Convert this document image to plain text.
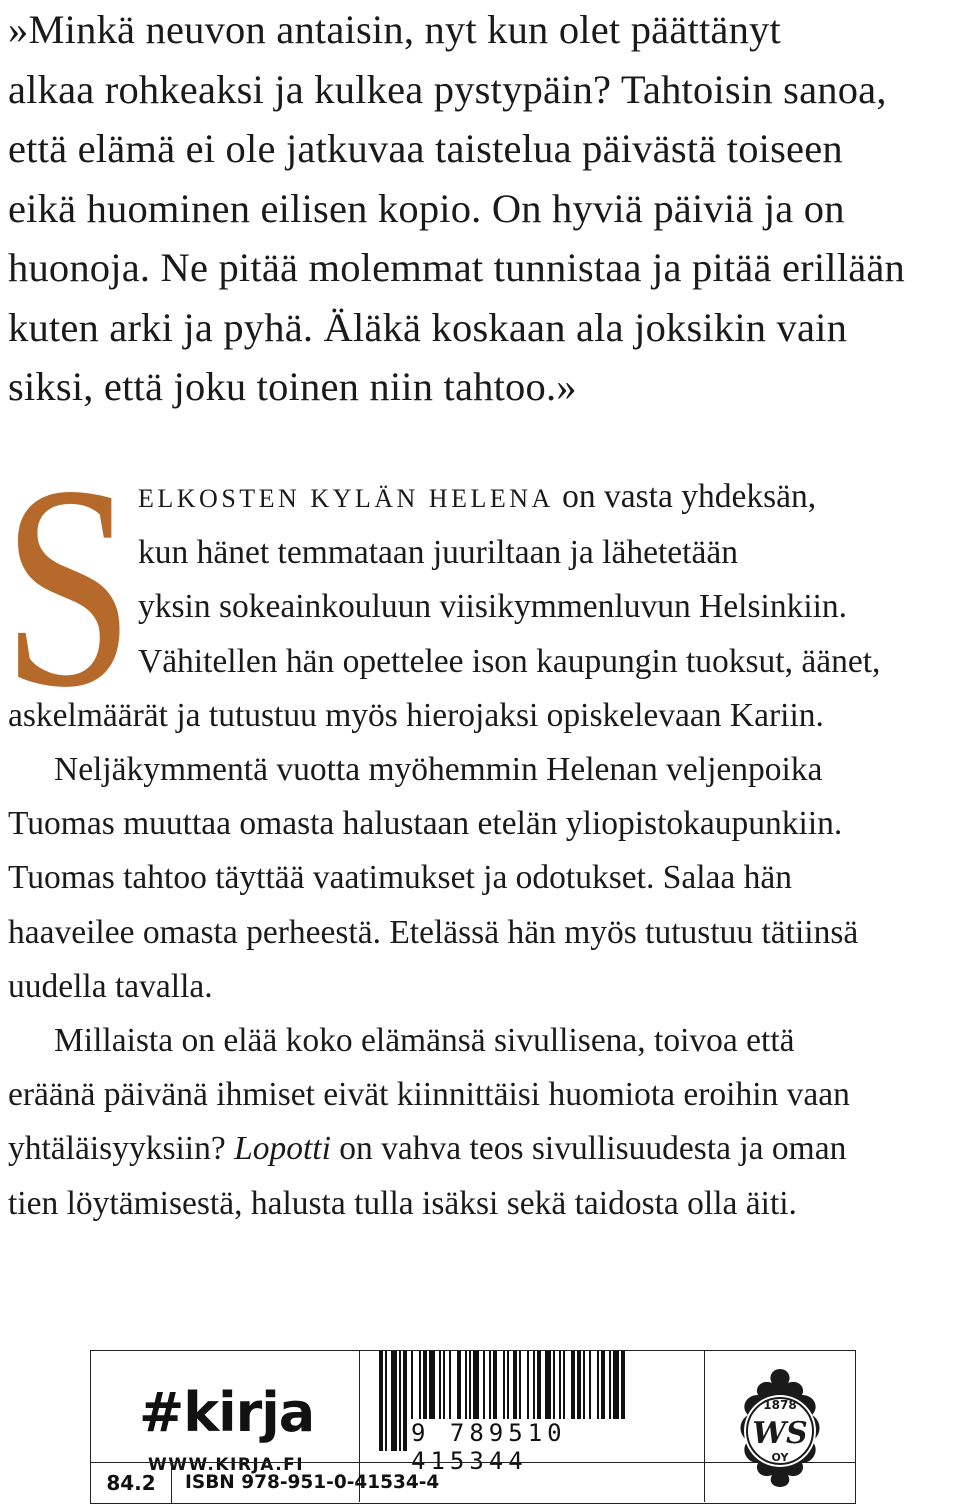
»Minkä neuvon antaisin, nyt kun olet päättänyt
alkaa rohkeaksi ja kulkea pystypäin? Tahtoisin sanoa,
että elämä ei ole jatkuvaa taistelua päivästä toiseen
eikä huominen eilisen kopio. On hyviä päiviä ja on
huonoja. Ne pitää molemmat tunnistaa ja pitää erillään
kuten arki ja pyhä. Äläkä koskaan ala joksikin vain
siksi, että joku toinen niin tahtoo.»
S ELKOSTEN KYLÄN HELENA on vasta yhdeksän,
kun hänet temmataan juuriltaan ja lähetetään
yksin sokeainkouluun viisikymmenluvun Helsinkiin.
Vähitellen hän opettelee ison kaupungin tuoksut, äänet,
askelmäärät ja tutustuu myös hierojaksi opiskelevaan Kariin.
Neljäkymmentä vuotta myöhemmin Helenan veljenpoika
Tuomas muuttaa omasta halustaan etelän yliopistokaupunkiin.
Tuomas tahtoo täyttää vaatimukset ja odotukset. Salaa hän
haaveilee omasta perheestä. Etelässä hän myös tutustuu tätiinsä
uudella tavalla.
Millaista on elää koko elämänsä sivullisena, toivoa että
eräänä päivänä ihmiset eivät kiinnittäisi huomiota eroihin vaan
yhtäläisyyksiin? Lopotti on vahva teos sivullisuudesta ja oman
tien löytämisestä, halusta tulla isäksi sekä taidosta olla äiti.
#kirja
WWW.KIRJA.FI
9 789510 415344
84.2	ISBN 978-951-0-41534-4
1878
WS
OY
